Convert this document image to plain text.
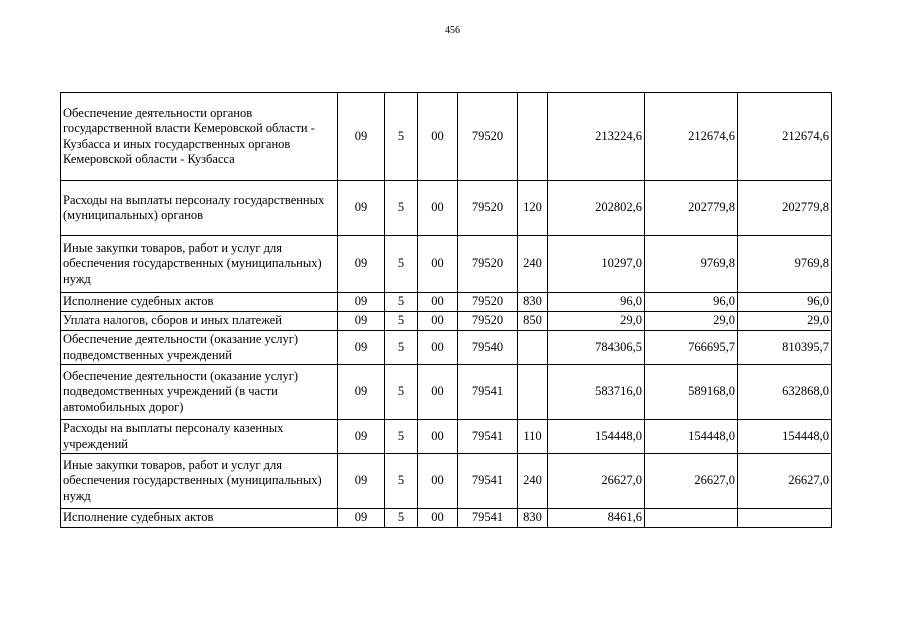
456
Обеспечение деятельности органов государственной власти Кемеровской области - Кузбасса и иных государственных органов Кемеровской области - Кузбасса	09	5	00	79520		213224,6	212674,6	212674,6
Расходы на выплаты персоналу государственных (муниципальных) органов	09	5	00	79520	120	202802,6	202779,8	202779,8
Иные закупки товаров, работ и услуг для обеспечения государственных (муниципальных) нужд	09	5	00	79520	240	10297,0	9769,8	9769,8
Исполнение судебных актов	09	5	00	79520	830	96,0	96,0	96,0
Уплата налогов, сборов и иных платежей	09	5	00	79520	850	29,0	29,0	29,0
Обеспечение деятельности (оказание услуг) подведомственных учреждений	09	5	00	79540		784306,5	766695,7	810395,7
Обеспечение деятельности (оказание услуг) подведомственных учреждений (в части автомобильных дорог)	09	5	00	79541		583716,0	589168,0	632868,0
Расходы на выплаты персоналу казенных учреждений	09	5	00	79541	110	154448,0	154448,0	154448,0
Иные закупки товаров, работ и услуг для обеспечения государственных (муниципальных) нужд	09	5	00	79541	240	26627,0	26627,0	26627,0
Исполнение судебных актов	09	5	00	79541	830	8461,6		
